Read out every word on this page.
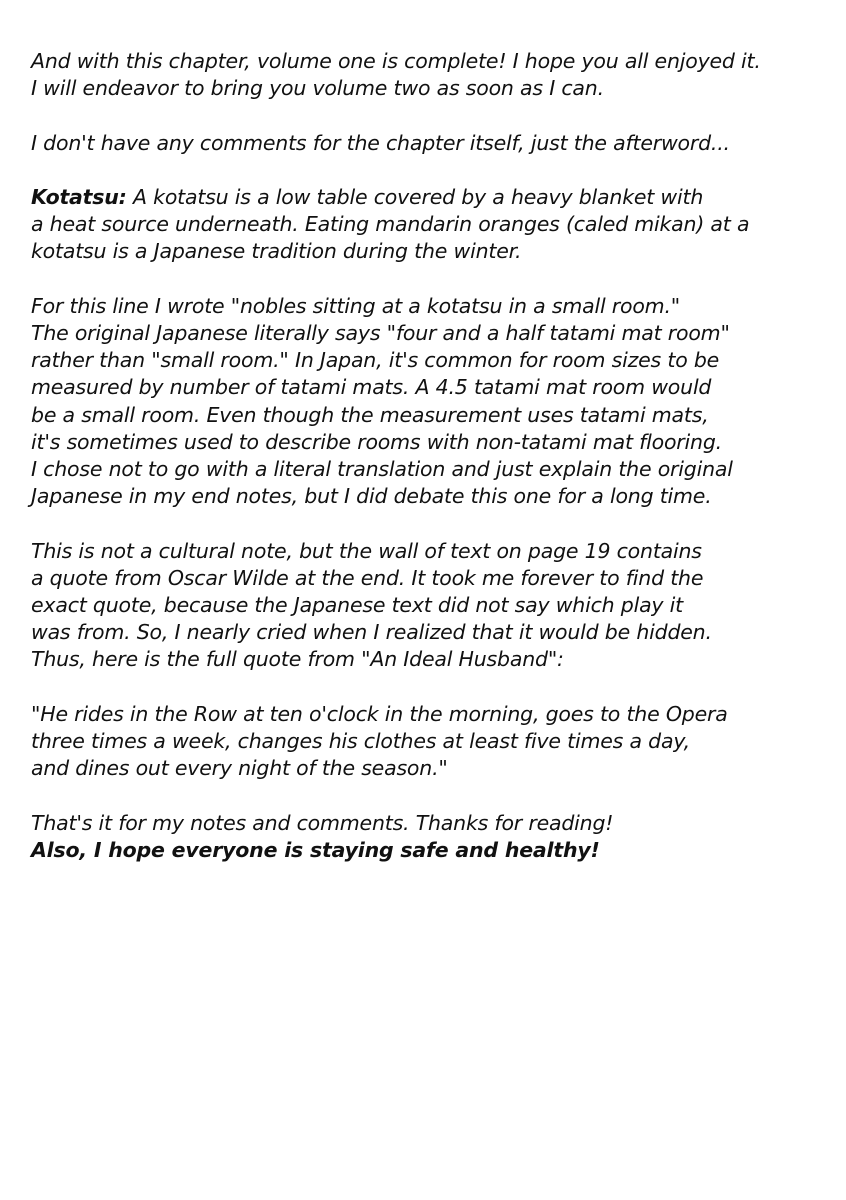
And with this chapter, volume one is complete! I hope you all enjoyed it.
I will endeavor to bring you volume two as soon as I can.
I don't have any comments for the chapter itself, just the afterword...
Kotatsu: A kotatsu is a low table covered by a heavy blanket with
a heat source underneath. Eating mandarin oranges (caled mikan) at a
kotatsu is a Japanese tradition during the winter.
For this line I wrote "nobles sitting at a kotatsu in a small room."
The original Japanese literally says "four and a half tatami mat room"
rather than "small room." In Japan, it's common for room sizes to be
measured by number of tatami mats. A 4.5 tatami mat room would
be a small room. Even though the measurement uses tatami mats,
it's sometimes used to describe rooms with non-tatami mat flooring.
I chose not to go with a literal translation and just explain the original
Japanese in my end notes, but I did debate this one for a long time.
This is not a cultural note, but the wall of text on page 19 contains
a quote from Oscar Wilde at the end. It took me forever to find the
exact quote, because the Japanese text did not say which play it
was from. So, I nearly cried when I realized that it would be hidden.
Thus, here is the full quote from "An Ideal Husband":
"He rides in the Row at ten o'clock in the morning, goes to the Opera
three times a week, changes his clothes at least five times a day,
and dines out every night of the season."
That's it for my notes and comments. Thanks for reading!
Also, I hope everyone is staying safe and healthy!
